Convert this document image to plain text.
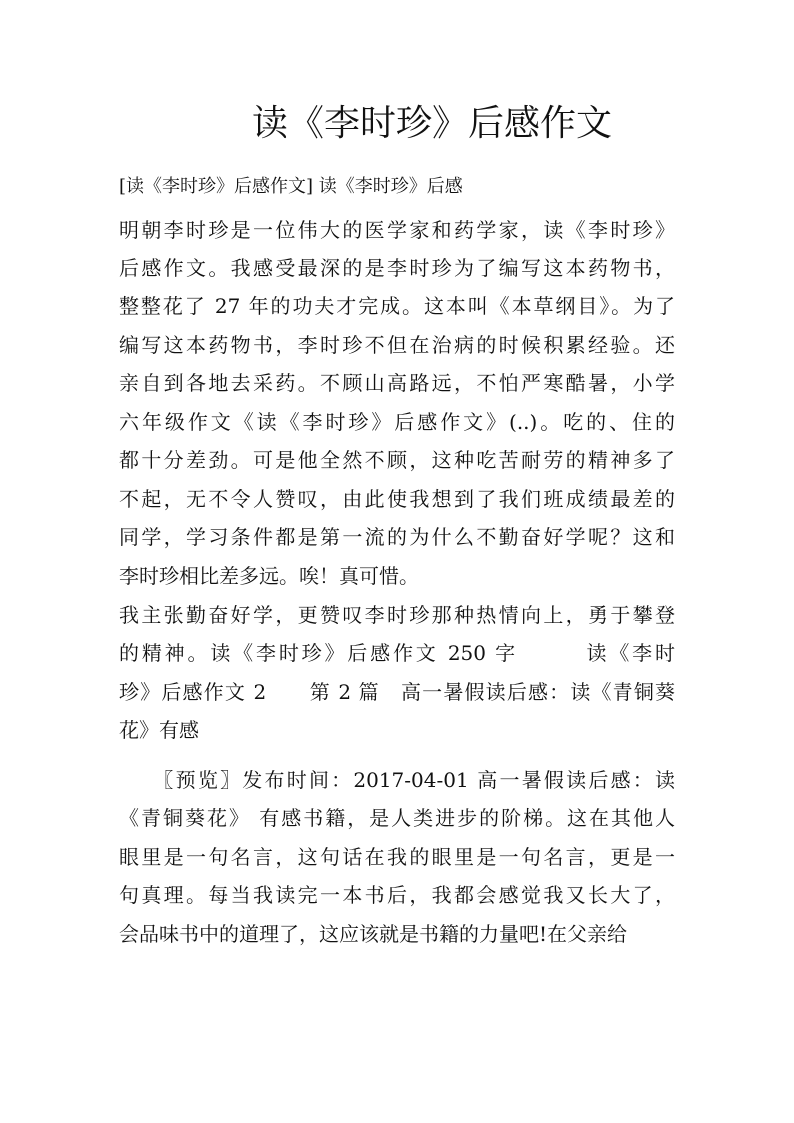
读《李时珍》后感作文
[读《李时珍》后感作文] 读《李时珍》后感
明朝李时珍是一位伟大的医学家和药学家，读《李时珍》
后感作文。我感受最深的是李时珍为了编写这本药物书，
整整花了 27 年的功夫才完成。这本叫《本草纲目》。为了
编写这本药物书，李时珍不但在治病的时候积累经验。还
亲自到各地去采药。不顾山高路远，不怕严寒酷暑，小学
六年级作文《读《李时珍》后感作文》(..)。吃的、住的
都十分差劲。可是他全然不顾，这种吃苦耐劳的精神多了
不起，无不令人赞叹，由此使我想到了我们班成绩最差的
同学，学习条件都是第一流的为什么不勤奋好学呢？这和
李时珍相比差多远。唉！真可惜。
我主张勤奋好学，更赞叹李时珍那种热情向上，勇于攀登
的精神。读《李时珍》后感作文 250 字　　　读《李时
珍》后感作文 2　　第 2 篇　高一暑假读后感：读《青铜葵
花》有感
　　〖预览〗发布时间：2017-04-01 高一暑假读后感：读
《青铜葵花》 有感书籍，是人类进步的阶梯。这在其他人
眼里是一句名言，这句话在我的眼里是一句名言，更是一
句真理。每当我读完一本书后，我都会感觉我又长大了，
会品味书中的道理了，这应该就是书籍的力量吧!在父亲给
